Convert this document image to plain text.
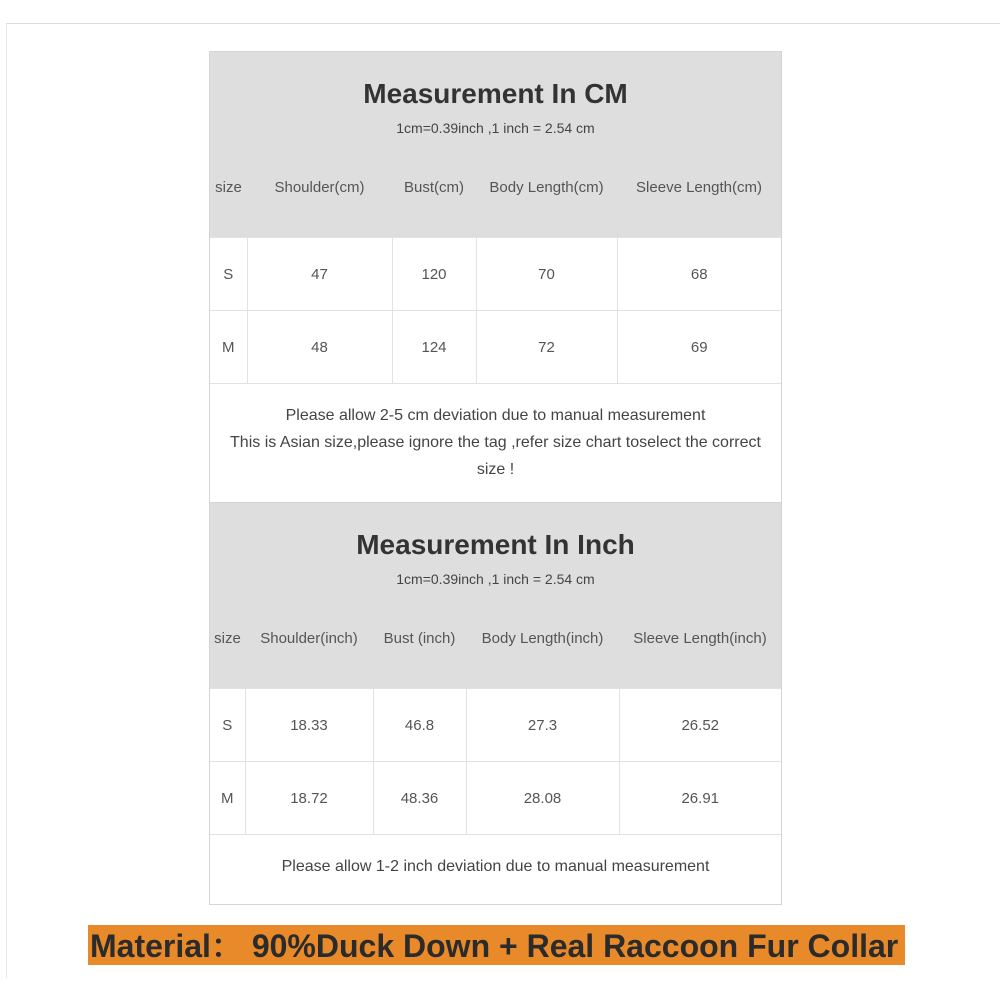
Measurement In CM
1cm=0.39inch ,1 inch = 2.54 cm
size	Shoulder(cm)	Bust(cm)	Body Length(cm)	Sleeve Length(cm)
S	47	120	70	68
M	48	124	72	69
Please allow 2-5 cm deviation due to manual measurement
This is Asian size,please ignore the tag ,refer size chart toselect the correct size !
Measurement In Inch
1cm=0.39inch ,1 inch = 2.54 cm
size	Shoulder(inch)	Bust (inch)	Body Length(inch)	Sleeve Length(inch)
S	18.33	46.8	27.3	26.52
M	18.72	48.36	28.08	26.91
Please allow 1-2 inch deviation due to manual measurement
Material： 90%Duck Down + Real Raccoon Fur Collar
